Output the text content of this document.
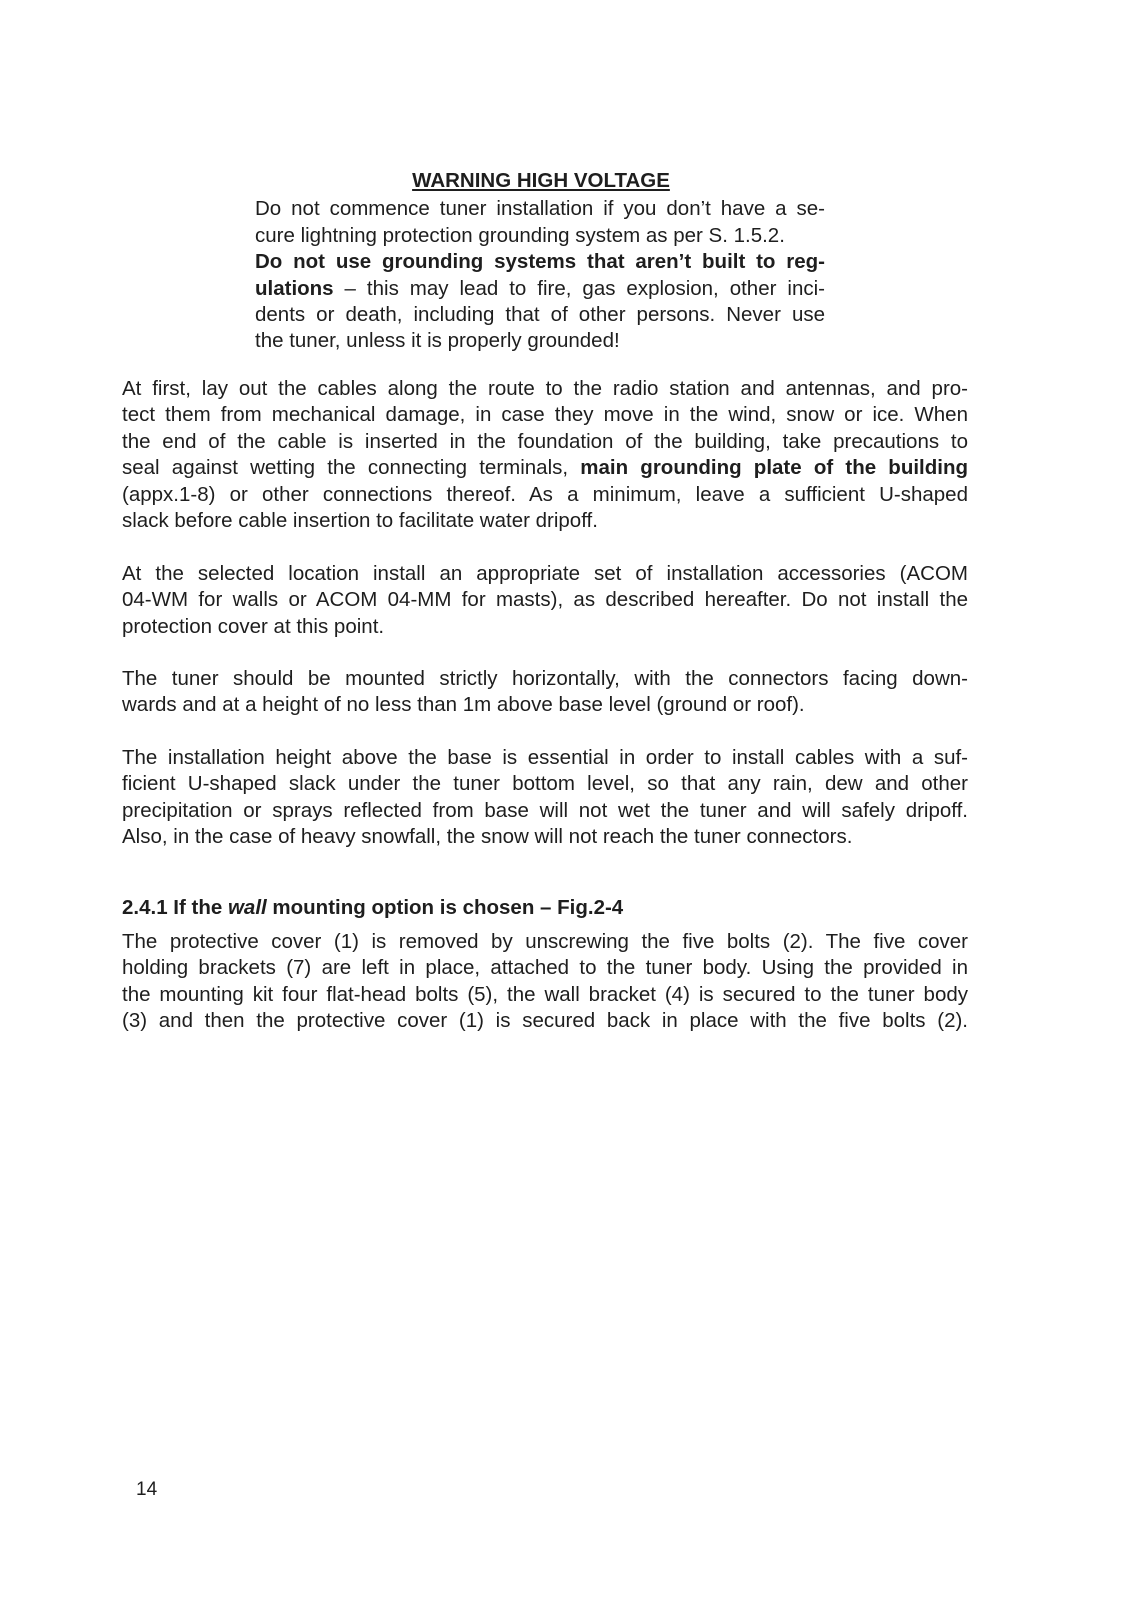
WARNING HIGH VOLTAGE
Do not commence tuner installation if you don’t have a se-
cure lightning protection grounding system as per S. 1.5.2.
Do not use grounding systems that aren’t built to reg-
ulations – this may lead to fire, gas explosion, other inci-
dents or death, including that of other persons. Never use
the tuner, unless it is properly grounded!
At first, lay out the cables along the route to the radio station and antennas, and pro-
tect them from mechanical damage, in case they move in the wind, snow or ice. When
the end of the cable is inserted in the foundation of the building, take precautions to
seal against wetting the connecting terminals, main grounding plate of the building
(appx.1-8) or other connections thereof. As a minimum, leave a sufficient U-shaped
slack before cable insertion to facilitate water dripoff.
At the selected location install an appropriate set of installation accessories (ACOM
04-WM for walls or ACOM 04-MM for masts), as described hereafter. Do not install the
protection cover at this point.
The tuner should be mounted strictly horizontally, with the connectors facing down-
wards and at a height of no less than 1m above base level (ground or roof).
The installation height above the base is essential in order to install cables with a suf-
ficient U-shaped slack under the tuner bottom level, so that any rain, dew and other
precipitation or sprays reflected from base will not wet the tuner and will safely dripoff.
Also, in the case of heavy snowfall, the snow will not reach the tuner connectors.
2.4.1 If the wall mounting option is chosen – Fig.2-4
The protective cover (1) is removed by unscrewing the five bolts (2). The five cover
holding brackets (7) are left in place, attached to the tuner body. Using the provided in
the mounting kit four flat-head bolts (5), the wall bracket (4) is secured to the tuner body
(3) and then the protective cover (1) is secured back in place with the five bolts (2).
14
